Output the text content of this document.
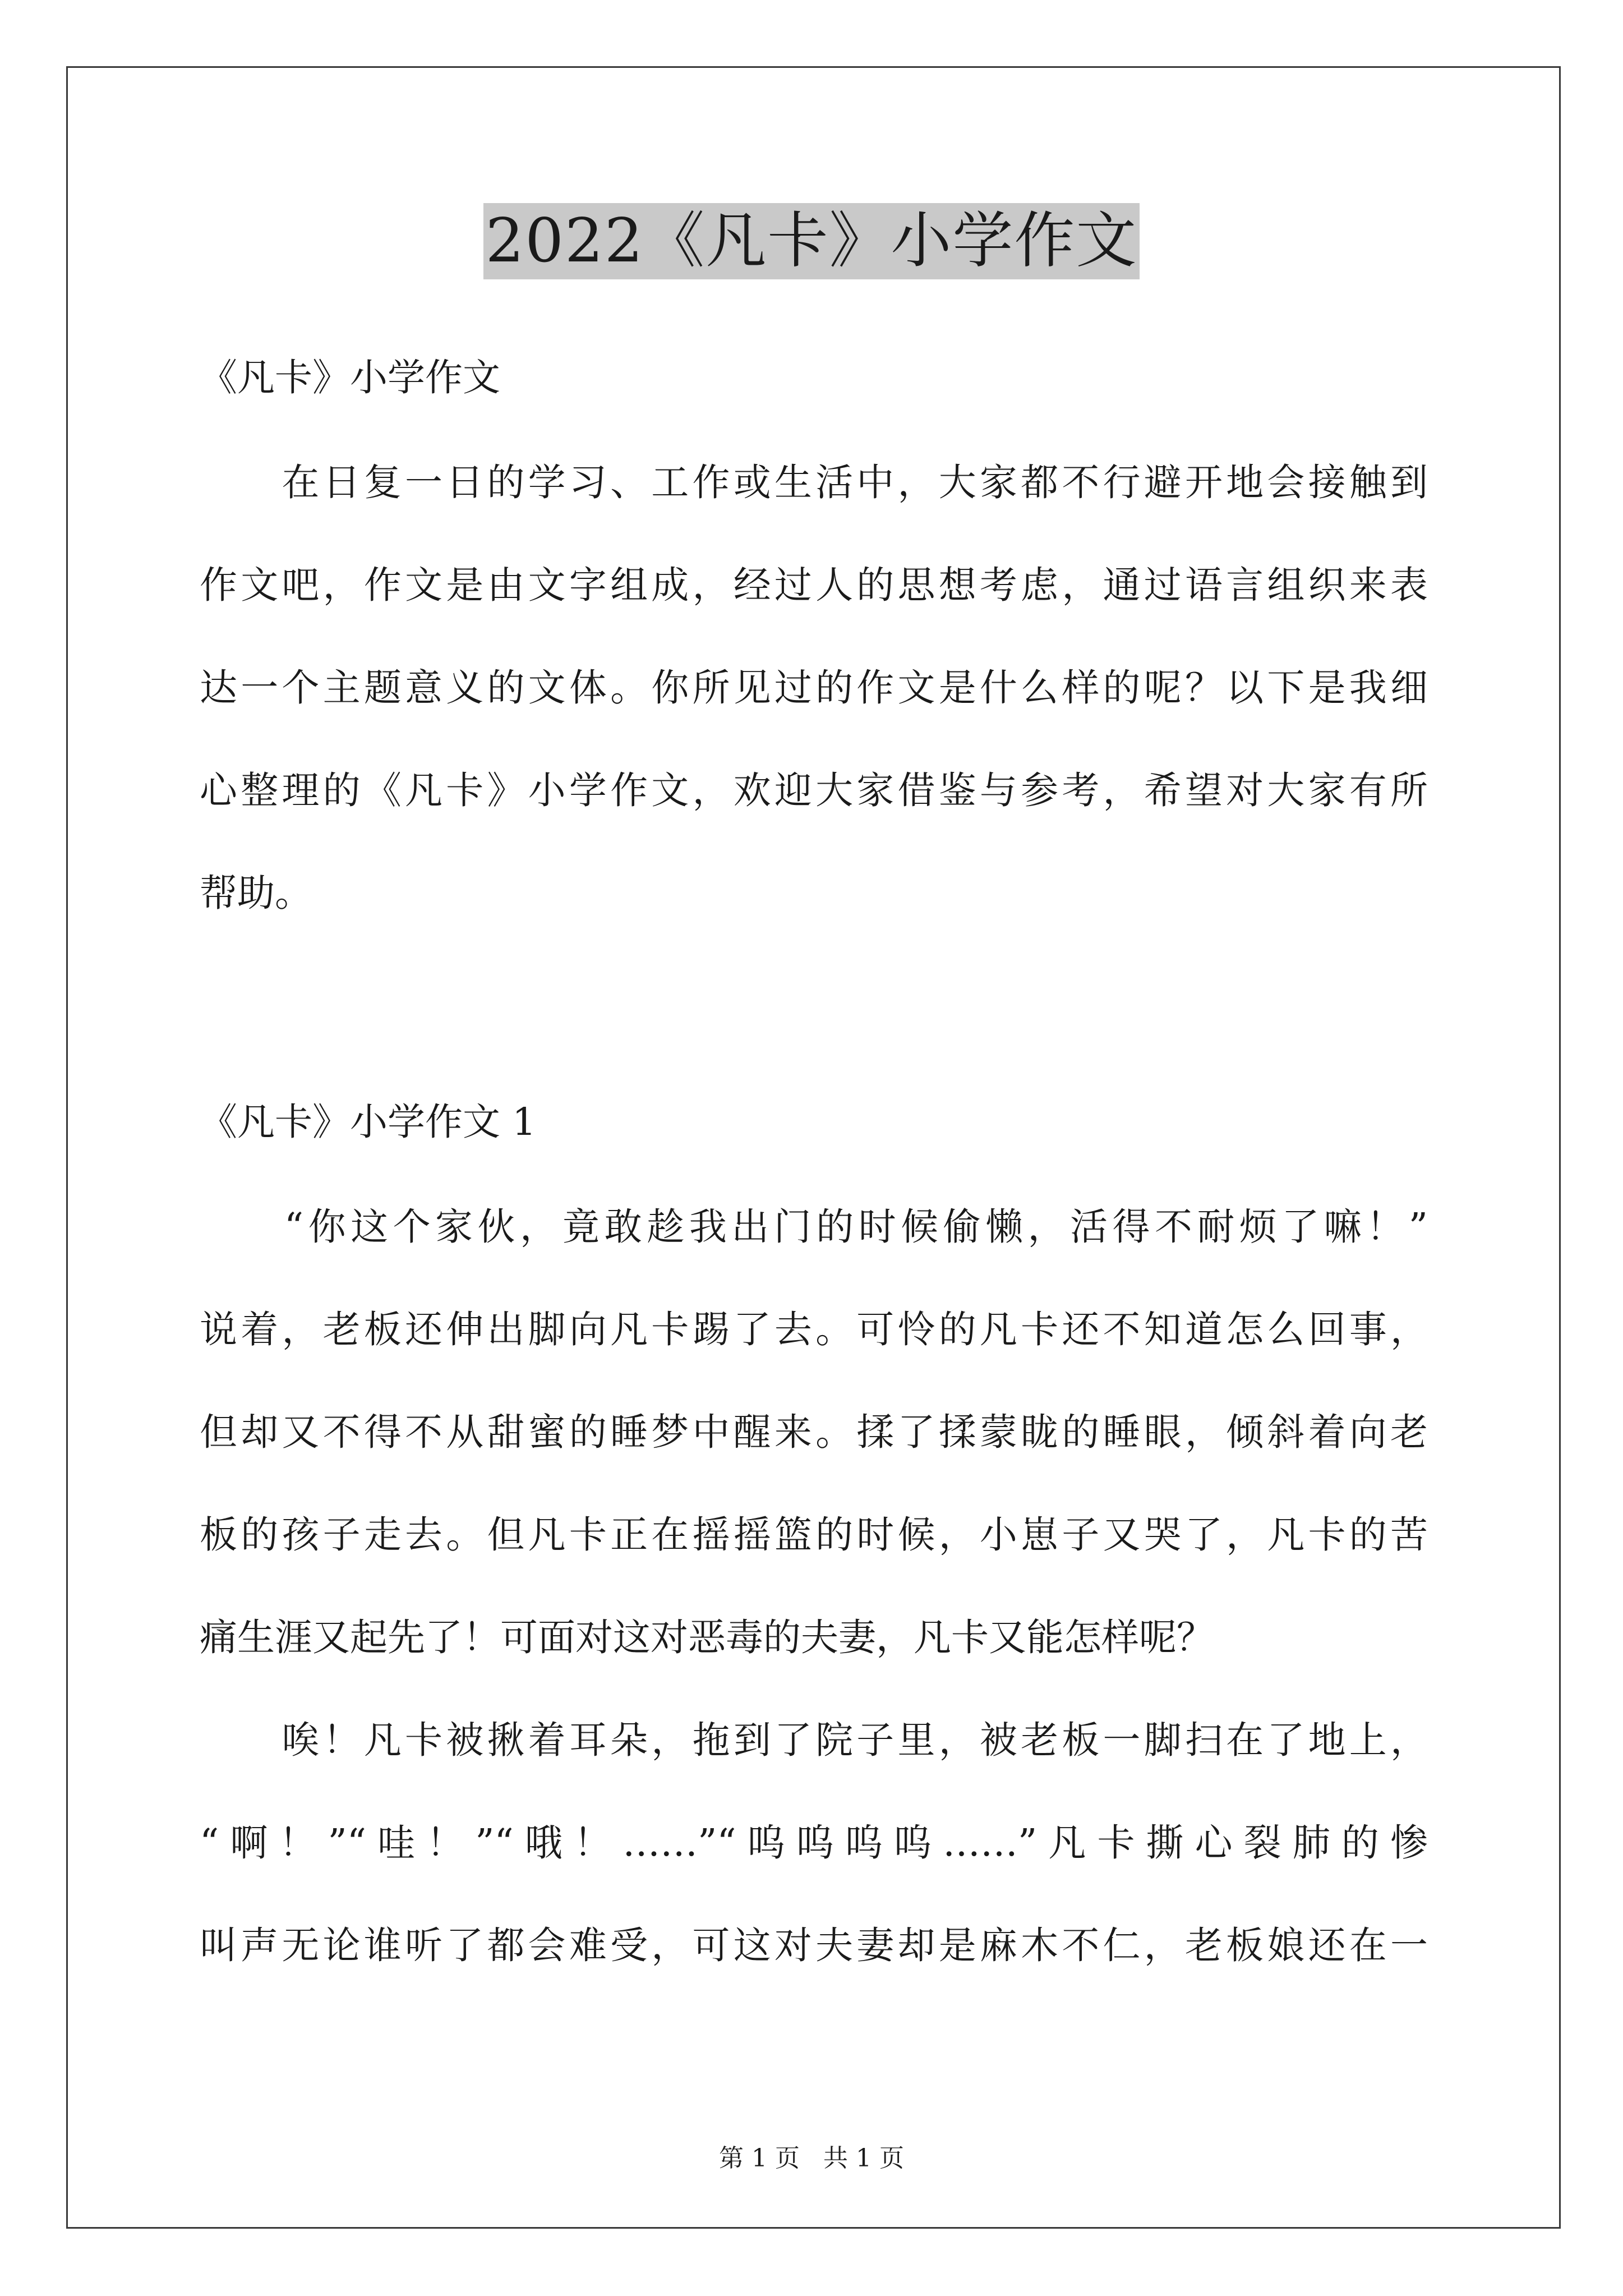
2022《凡卡》小学作文
《凡卡》小学作文
　　在日复一日的学习、工作或生活中，大家都不行避开地会接触到
作文吧，作文是由文字组成，经过人的思想考虑，通过语言组织来表
达一个主题意义的文体。你所见过的作文是什么样的呢？以下是我细
心整理的《凡卡》小学作文，欢迎大家借鉴与参考，希望对大家有所
帮助。
《凡卡》小学作文 1
　　“你这个家伙，竟敢趁我出门的时候偷懒，活得不耐烦了嘛！”
说着，老板还伸出脚向凡卡踢了去。可怜的凡卡还不知道怎么回事，
但却又不得不从甜蜜的睡梦中醒来。揉了揉蒙眬的睡眼，倾斜着向老
板的孩子走去。但凡卡正在摇摇篮的时候，小崽子又哭了，凡卡的苦
痛生涯又起先了！可面对这对恶毒的夫妻，凡卡又能怎样呢？
　　唉！凡卡被揪着耳朵，拖到了院子里，被老板一脚扫在了地上，
“啊！”“哇！”“哦！……”“呜呜呜呜……”凡卡撕心裂肺的惨
叫声无论谁听了都会难受，可这对夫妻却是麻木不仁，老板娘还在一
第 1 页 共 1 页
